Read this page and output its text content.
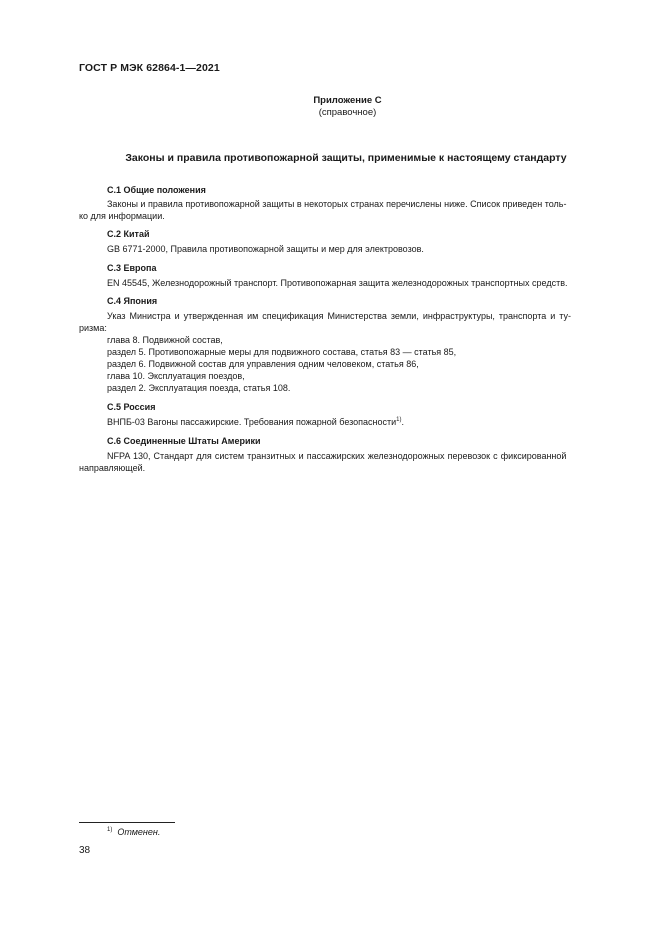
ГОСТ Р МЭК 62864-1—2021
Приложение С
(справочное)
Законы и правила противопожарной защиты, применимые к настоящему стандарту
С.1 Общие положения
Законы и правила противопожарной защиты в некоторых странах перечислены ниже. Список приведен толь-
ко для информации.
С.2 Китай
GB 6771-2000, Правила противопожарной защиты и мер для электровозов.
С.3 Европа
EN 45545, Железнодорожный транспорт. Противопожарная защита железнодорожных транспортных средств.
С.4 Япония
Указ Министра и утвержденная им спецификация Министерства земли, инфраструктуры, транспорта и ту-
ризма:
глава 8. Подвижной состав,
раздел 5. Противопожарные меры для подвижного состава, статья 83 — статья 85,
раздел 6. Подвижной состав для управления одним человеком, статья 86,
глава 10. Эксплуатация поездов,
раздел 2. Эксплуатация поезда, статья 108.
С.5 Россия
ВНПБ-03 Вагоны пассажирские. Требования пожарной безопасности$^{1)}$.
С.6 Соединенные Штаты Америки
NFPA 130, Стандарт для систем транзитных и пассажирских железнодорожных перевозок с фиксированной
направляющей.
$^{1)}$ Отменен.
38
